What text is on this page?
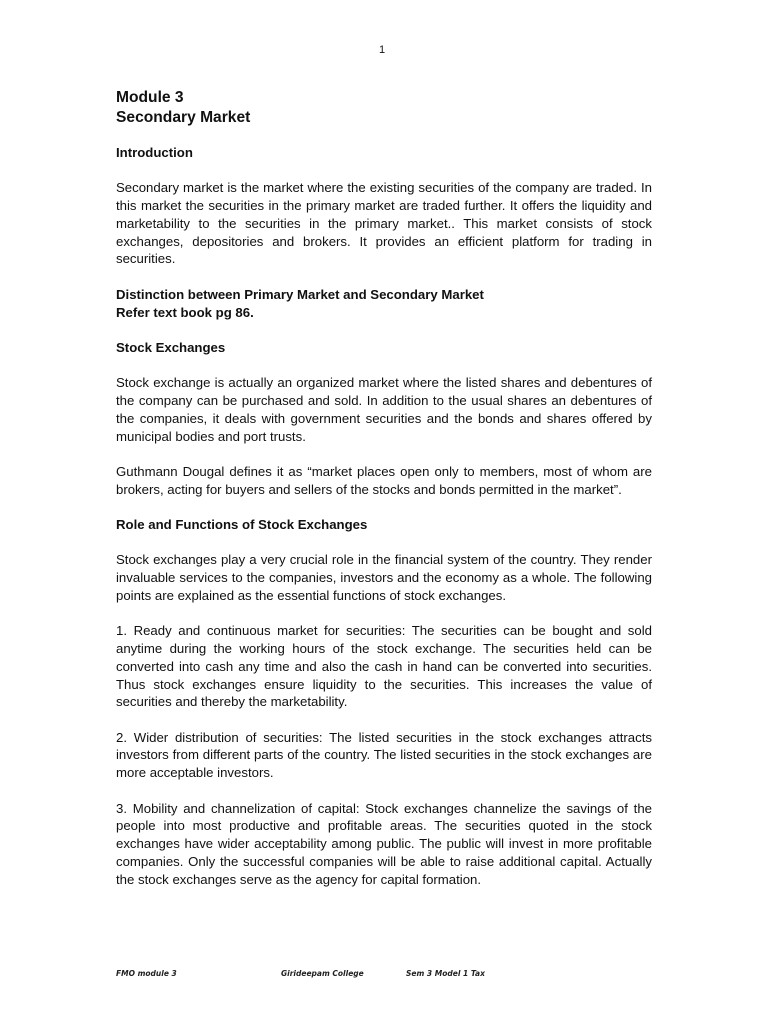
1
Module 3
Secondary Market
Introduction

Secondary market is the market where the existing securities of the company are traded. In this market the securities in the primary market are traded further. It offers the liquidity and marketability to the securities in the primary market.. This market consists of stock exchanges, depositories and brokers. It provides an efficient platform for trading in securities.

Distinction between Primary Market and Secondary Market

Refer text book pg 86.

Stock Exchanges

Stock exchange is actually an organized market where the listed shares and debentures of the company can be purchased and sold. In addition to the usual shares an debentures of the companies, it deals with government securities and the bonds and shares offered by municipal bodies and port trusts.

Guthmann Dougal defines it as “market places open only to members, most of whom are brokers, acting for buyers and sellers of the stocks and bonds permitted in the market”.

Role and Functions of Stock Exchanges

Stock exchanges play a very crucial role in the financial system of the country. They render invaluable services to the companies, investors and the economy as a whole. The following points are explained as the essential functions of stock exchanges.

1. Ready and continuous market for securities: The securities can be bought and sold anytime during the working hours of the stock exchange. The securities held can be converted into cash any time and also the cash in hand can be converted into securities. Thus stock exchanges ensure liquidity to the securities. This increases the value of securities and thereby the marketability.

2. Wider distribution of securities: The listed securities in the stock exchanges attracts investors from different parts of the country. The listed securities in the stock exchanges are more acceptable investors.

3. Mobility and channelization of capital: Stock exchanges channelize the savings of the people into most productive and profitable areas. The securities quoted in the stock exchanges have wider acceptability among public. The public will invest in more profitable companies. Only the successful companies will be able to raise additional capital. Actually the stock exchanges serve as the agency for capital formation.

FMO module 3	Girideepam College	Sem 3 Model 1 Tax
